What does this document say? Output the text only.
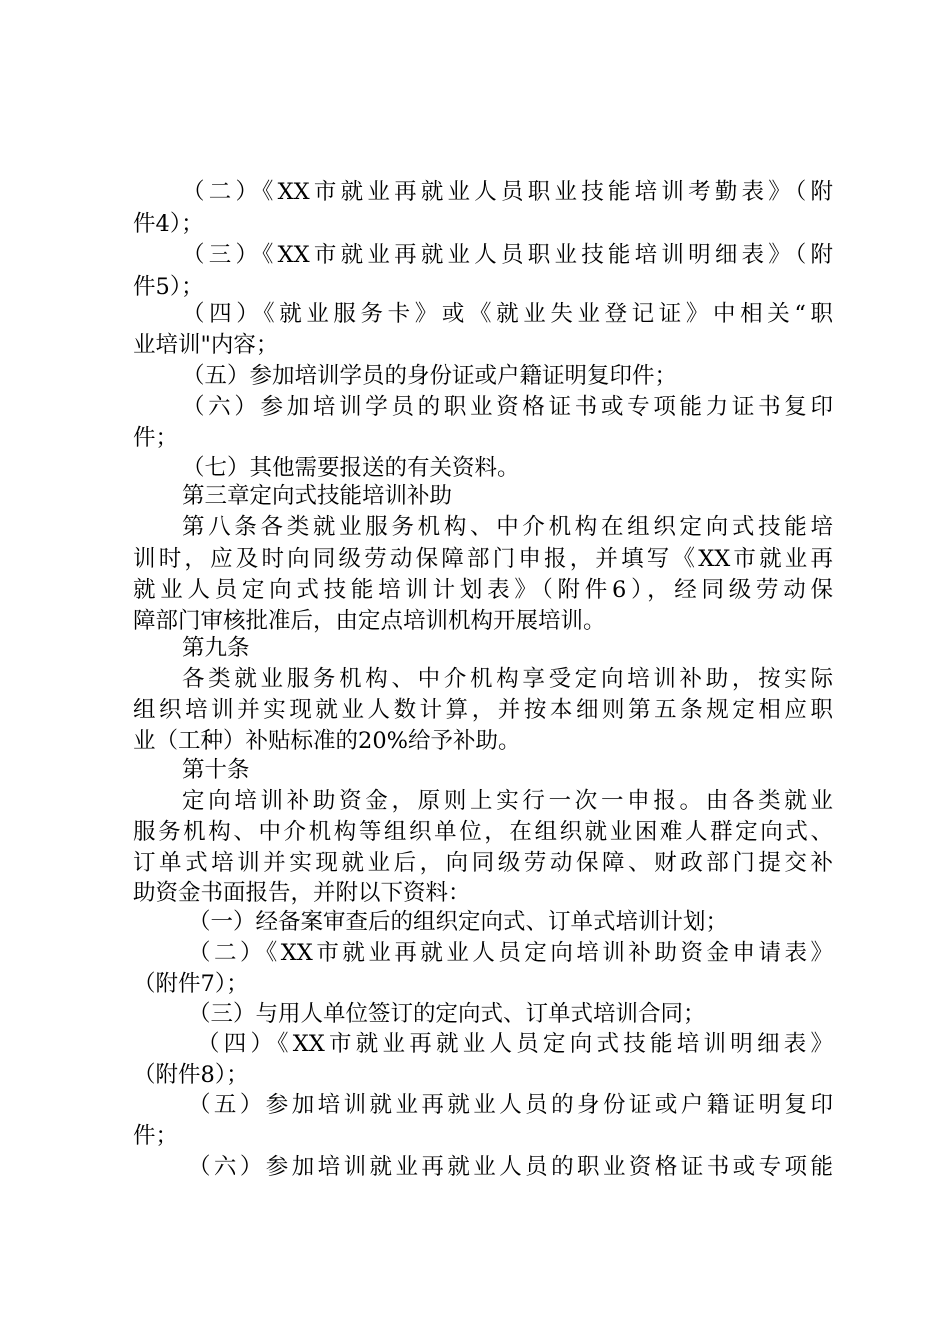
（二）《XX市就业再就业人员职业技能培训考勤表》（附
件4）；
（三）《XX市就业再就业人员职业技能培训明细表》（附
件5）；
（四）《就业服务卡》或《就业失业登记证》中相关“职
业培训"内容；
（五）参加培训学员的身份证或户籍证明复印件；
（六）参加培训学员的职业资格证书或专项能力证书复印
件；
（七）其他需要报送的有关资料。
第三章定向式技能培训补助
第八条各类就业服务机构、中介机构在组织定向式技能培
训时，应及时向同级劳动保障部门申报，并填写《XX市就业再
就业人员定向式技能培训计划表》（附件6），经同级劳动保
障部门审核批准后，由定点培训机构开展培训。
第九条
各类就业服务机构、中介机构享受定向培训补助，按实际
组织培训并实现就业人数计算，并按本细则第五条规定相应职
业（工种）补贴标准的20%给予补助。
第十条
定向培训补助资金，原则上实行一次一申报。由各类就业
服务机构、中介机构等组织单位，在组织就业困难人群定向式、
订单式培训并实现就业后，向同级劳动保障、财政部门提交补
助资金书面报告，并附以下资料：
（一）经备案审查后的组织定向式、订单式培训计划；
（二）《XX市就业再就业人员定向培训补助资金申请表》
（附件7）；
（三）与用人单位签订的定向式、订单式培训合同；
（四）《XX市就业再就业人员定向式技能培训明细表》
（附件8）；
（五）参加培训就业再就业人员的身份证或户籍证明复印
件；
（六）参加培训就业再就业人员的职业资格证书或专项能
